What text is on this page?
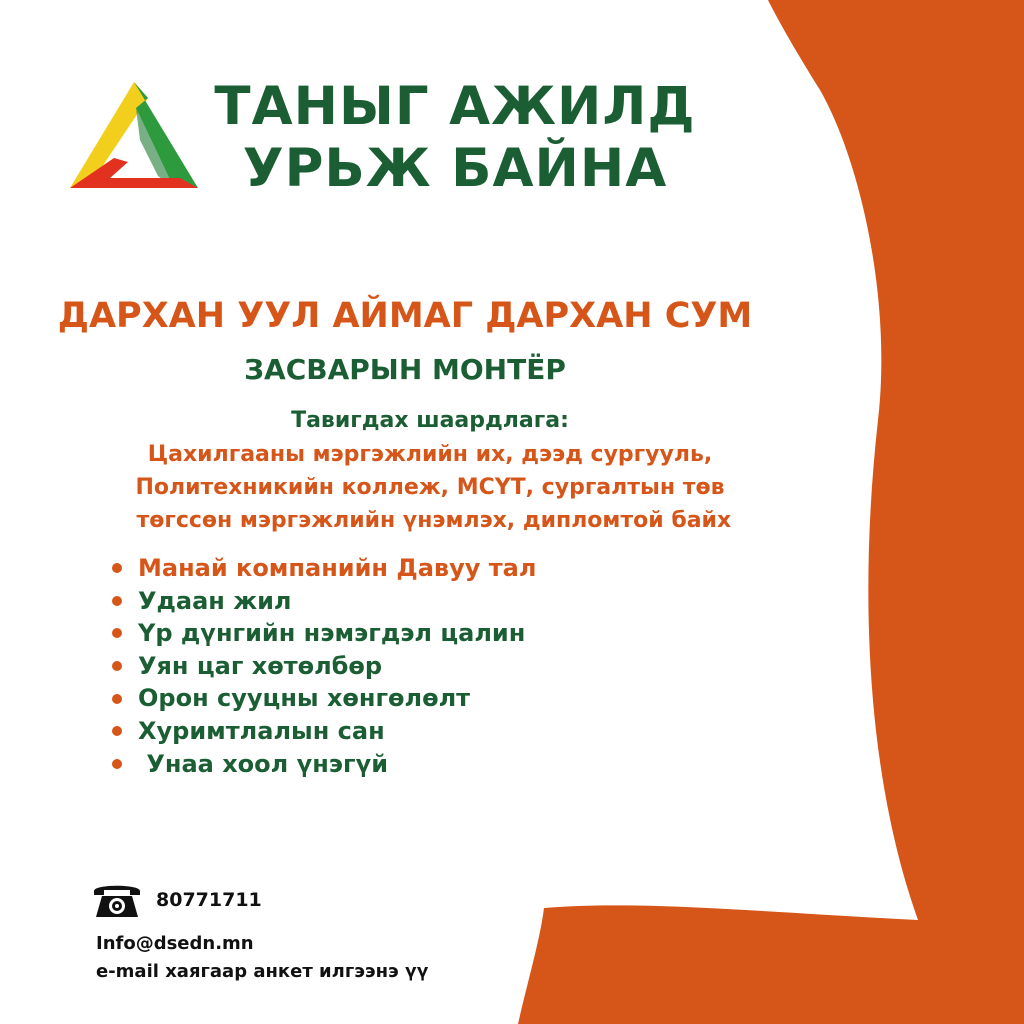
ТАНЫГ АЖИЛД
УРЬЖ БАЙНА
ДАРХАН УУЛ АЙМАГ ДАРХАН СУМ
ЗАСВАРЫН МОНТЁР
Тавигдах шаардлага:
Цахилгааны мэргэжлийн их, дээд сургууль,
Политехникийн коллеж, МСҮТ, сургалтын төв
төгссөн мэргэжлийн үнэмлэх, дипломтой байх
Манай компанийн Давуу тал
Удаан жил
Үр дүнгийн нэмэгдэл цалин
Уян цаг хөтөлбөр
Орон сууцны хөнгөлөлт
Хуримтлалын сан
Унаа хоол үнэгүй
80771711
Info@dsedn.mn
e-mail хаягаар анкет илгээнэ үү
